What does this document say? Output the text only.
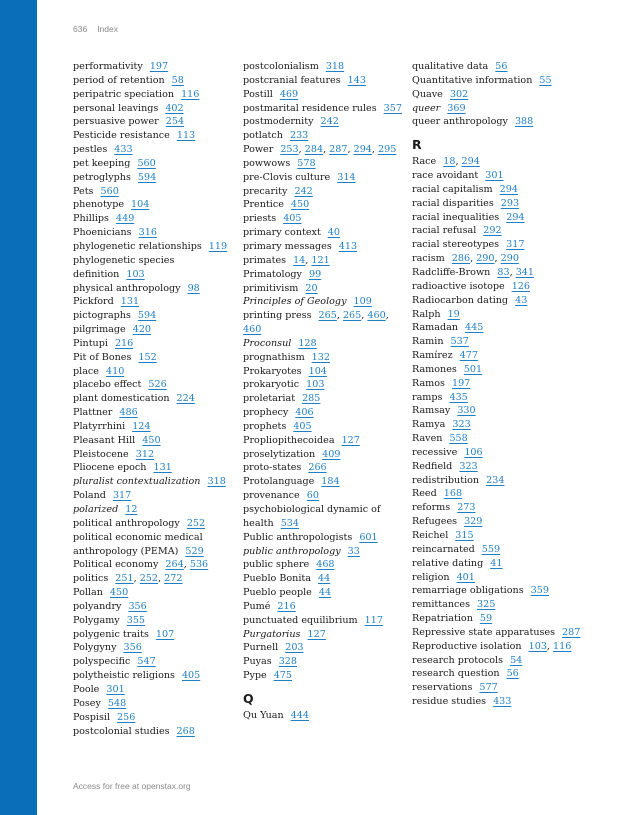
636 Index
performativity 197
period of retention 58
peripatric speciation 116
personal leavings 402
persuasive power 254
Pesticide resistance 113
pestles 433
pet keeping 560
petroglyphs 594
Pets 560
phenotype 104
Phillips 449
Phoenicians 316
phylogenetic relationships 119
phylogenetic species definition 103
physical anthropology 98
Pickford 131
pictographs 594
pilgrimage 420
Pintupi 216
Pit of Bones 152
place 410
placebo effect 526
plant domestication 224
Plattner 486
Platyrrhini 124
Pleasant Hill 450
Pleistocene 312
Pliocene epoch 131
pluralist contextualization 318
Poland 317
polarized 12
political anthropology 252
political economic medical anthropology (PEMA) 529
Political economy 264, 536
politics 251, 252, 272
Pollan 450
polyandry 356
Polygamy 355
polygenic traits 107
Polygyny 356
polyspecific 547
polytheistic religions 405
Poole 301
Posey 548
Pospisil 256
postcolonial studies 268
postcolonialism 318
postcranial features 143
Postill 469
postmarital residence rules 357
postmodernity 242
potlatch 233
Power 253, 284, 287, 294, 295
powwows 578
pre-Clovis culture 314
precarity 242
Prentice 450
priests 405
primary context 40
primary messages 413
primates 14, 121
Primatology 99
primitivism 20
Principles of Geology 109
printing press 265, 265, 460, 460
Proconsul 128
prognathism 132
Prokaryotes 104
prokaryotic 103
proletariat 285
prophecy 406
prophets 405
Propliopithecoidea 127
proselytization 409
proto-states 266
Protolanguage 184
provenance 60
psychobiological dynamic of health 534
Public anthropologists 601
public anthropology 33
public sphere 468
Pueblo Bonita 44
Pueblo people 44
Pumé 216
punctuated equilibrium 117
Purgatorius 127
Purnell 203
Puyas 328
Pype 475
Q
Qu Yuan 444
qualitative data 56
Quantitative information 55
Quave 302
queer 369
queer anthropology 388
R
Race 18, 294
race avoidant 301
racial capitalism 294
racial disparities 293
racial inequalities 294
racial refusal 292
racial stereotypes 317
racism 286, 290, 290
Radcliffe-Brown 83, 341
radioactive isotope 126
Radiocarbon dating 43
Ralph 19
Ramadan 445
Ramin 537
Ramírez 477
Ramones 501
Ramos 197
ramps 435
Ramsay 330
Ramya 323
Raven 558
recessive 106
Redfield 323
redistribution 234
Reed 168
reforms 273
Refugees 329
Reichel 315
reincarnated 559
relative dating 41
religion 401
remarriage obligations 359
remittances 325
Repatriation 59
Repressive state apparatuses 287
Reproductive isolation 103, 116
research protocols 54
research question 56
reservations 577
residue studies 433
Access for free at openstax.org
